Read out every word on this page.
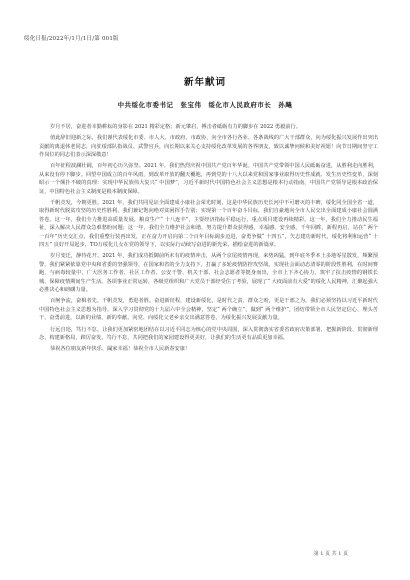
绥化日报/2022年/1月/1日/第 001版
新年献词
中共绥化市委书记　张宝伟　绥化市人民政府市长　孙飚

岁月不居，奋进者幸勤耕耘的身影在 2021 精彩定格；新元肇启，搏击者砥砺有力的脚步在 2022 勇毅前行。

值此辞旧迎新之际，我们谨代表绥化市委、市人大、市政府、市政协，向全市各行各业、各条战线的广大干部群众，向为绥化振兴发展作出突出贡献的离退休老同志，向驻绥部队指战员、武警官兵，向长期以来关心支持绥化改革发展的各界朋友，致以诚挚问候和美好祝愿！向节日期间坚守工作岗位的同志们表示深深敬意！

百年征程波澜壮阔，百年初心历久弥坚。2021 年，我们热烈庆祝中国共产党百年华诞。中国共产党带领中国人民砥砺奋进，从胜利走向胜利，从来没有停下脚步。回望中国成立的百年风雨，到改革开放的翻天覆地，再到党的十八大以来党和国家事业取得历史性成就、发生历史性变革，深刻昭示一个颠扑不破的真理：实现中华民族伟大复兴“ 中国梦”，习近平新时代中国特色社会主义思想是根本行动指南，中国共产党领导是根本政治保证，中国特色社会主义制度是根本制度保障。

千帆竞发，今朝更胜。2021 年，我们共同见证全面建成小康社会荣光时刻，这是中华民族历史长河中不可磨灭的丰碑，绥化同全国全省一道，取得新时代脱贫攻坚的历史性胜利，我们兼记饱向绝对贫困挥手告别；实现第一个百年奋斗目标，我们自豪地向全市人民交出全面建成小康社会圆满答卷。这一年，我们全力推进高质量发展，粮食生产“ 十八连丰”，主要经济指标平稳运行，重点项目建设再续精彩。这一年，我们全力推动民生福祉，深入解决人民群众急难愁盼问题；这一年，我们全力维护社会和谐，努力提升群众获得感、幸福感、安全感，千年回眸，新程再启，站在“ 两个一百年”历史交汇点，我们重整行装再出发，正在奋力开启向第二个百年目标阔步迈进，奋勇争做“ 十四五”，矢志建功新时代，绥化将利和运营“ 十四五” 良好开局起步，TO万绥化儿女在党的领导下，以实际行动续写奋进的新光荣、描绘奋进的新篇章。

岁月变迁，静待花开。2021 年，我们成功抵御前所未有的疫情冲击，从两个京尾疫情再现，来势凶猛，到年底冬季本土多地零星散发，频繁预警，我们紧紧依靠党中央和省委的坚强领导，在国家和省的全力支持下，打赢了多轮疫情防控攻坚战，实现社会面动态清零的阶段性胜利，在时间赛跑、与病毒较量中，广大医务工作者、社区工作者、公安干警、机关干部、社会志愿者等挺身而出，全市上下齐心协力，筑牢了抗击疫情的钢铁长城，保障疫情期间生产生活、各项事业正常运转，各级党组织和广大党员干部经受住了考验，展现了“ 大疫面前有大爱”的绥化人民精神，汇聚起强大必胜决心和磅礴力量。

百舸争流，奋楫者先。千帆竞发，勇进者胜。奋进新征程，建设新绥化，是时代之责、群众之盼，更是干部之为。我们必须坚持以习近平新时代中国特色社会主义思想为指导，深入学习贯彻党的十九届六中全会精神，坚定“ 两个确立”，做到“ 两个维护”，团结带领全市人民坚定信心、埋头苦干、奋勇前进，以新的业绩、新的奉献，向党、向绥化父老乡亲交出满意答卷，为绥化振兴发展贡献力量。

行远自迩，笃行不怠。让我们更加紧密地团结在以习近平同志为核心的党中央周围，深入贯彻落实省委省政府决策部署，把握新阶段、贯彻新理念、构建新格局，踔厉奋发、笃行不怠，共同把我们的家园建设得更美好，让我们的生活更有品质更加幸福。

恭祝各位朋友新年快乐、阖家幸福！恭祝全市人民新春安康！

第 1 页 共 1 页
